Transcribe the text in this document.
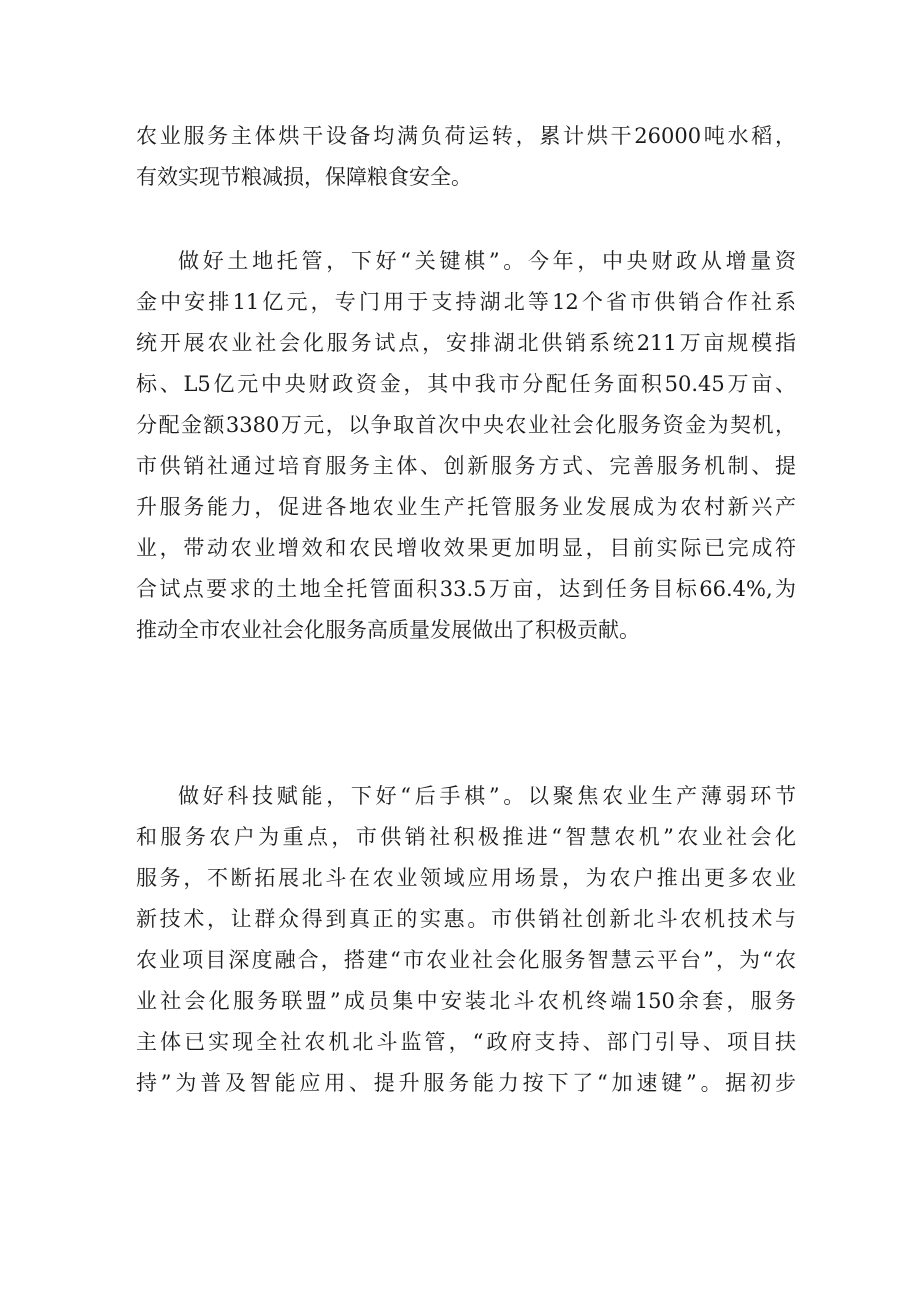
农业服务主体烘干设备均满负荷运转，累计烘干26000吨水稻，
有效实现节粮减损，保障粮食安全。
做好土地托管，下好“关键棋”。今年，中央财政从增量资
金中安排11亿元，专门用于支持湖北等12个省市供销合作社系
统开展农业社会化服务试点，安排湖北供销系统211万亩规模指
标、L5亿元中央财政资金，其中我市分配任务面积50.45万亩、
分配金额3380万元，以争取首次中央农业社会化服务资金为契机，
市供销社通过培育服务主体、创新服务方式、完善服务机制、提
升服务能力，促进各地农业生产托管服务业发展成为农村新兴产
业，带动农业增效和农民增收效果更加明显，目前实际已完成符
合试点要求的土地全托管面积33.5万亩，达到任务目标66.4%,为
推动全市农业社会化服务高质量发展做出了积极贡献。
做好科技赋能，下好“后手棋”。以聚焦农业生产薄弱环节
和服务农户为重点，市供销社积极推进“智慧农机”农业社会化
服务，不断拓展北斗在农业领域应用场景，为农户推出更多农业
新技术，让群众得到真正的实惠。市供销社创新北斗农机技术与
农业项目深度融合，搭建“市农业社会化服务智慧云平台”，为“农
业社会化服务联盟”成员集中安装北斗农机终端150余套，服务
主体已实现全社农机北斗监管，“政府支持、部门引导、项目扶
持”为普及智能应用、提升服务能力按下了“加速键”。据初步
